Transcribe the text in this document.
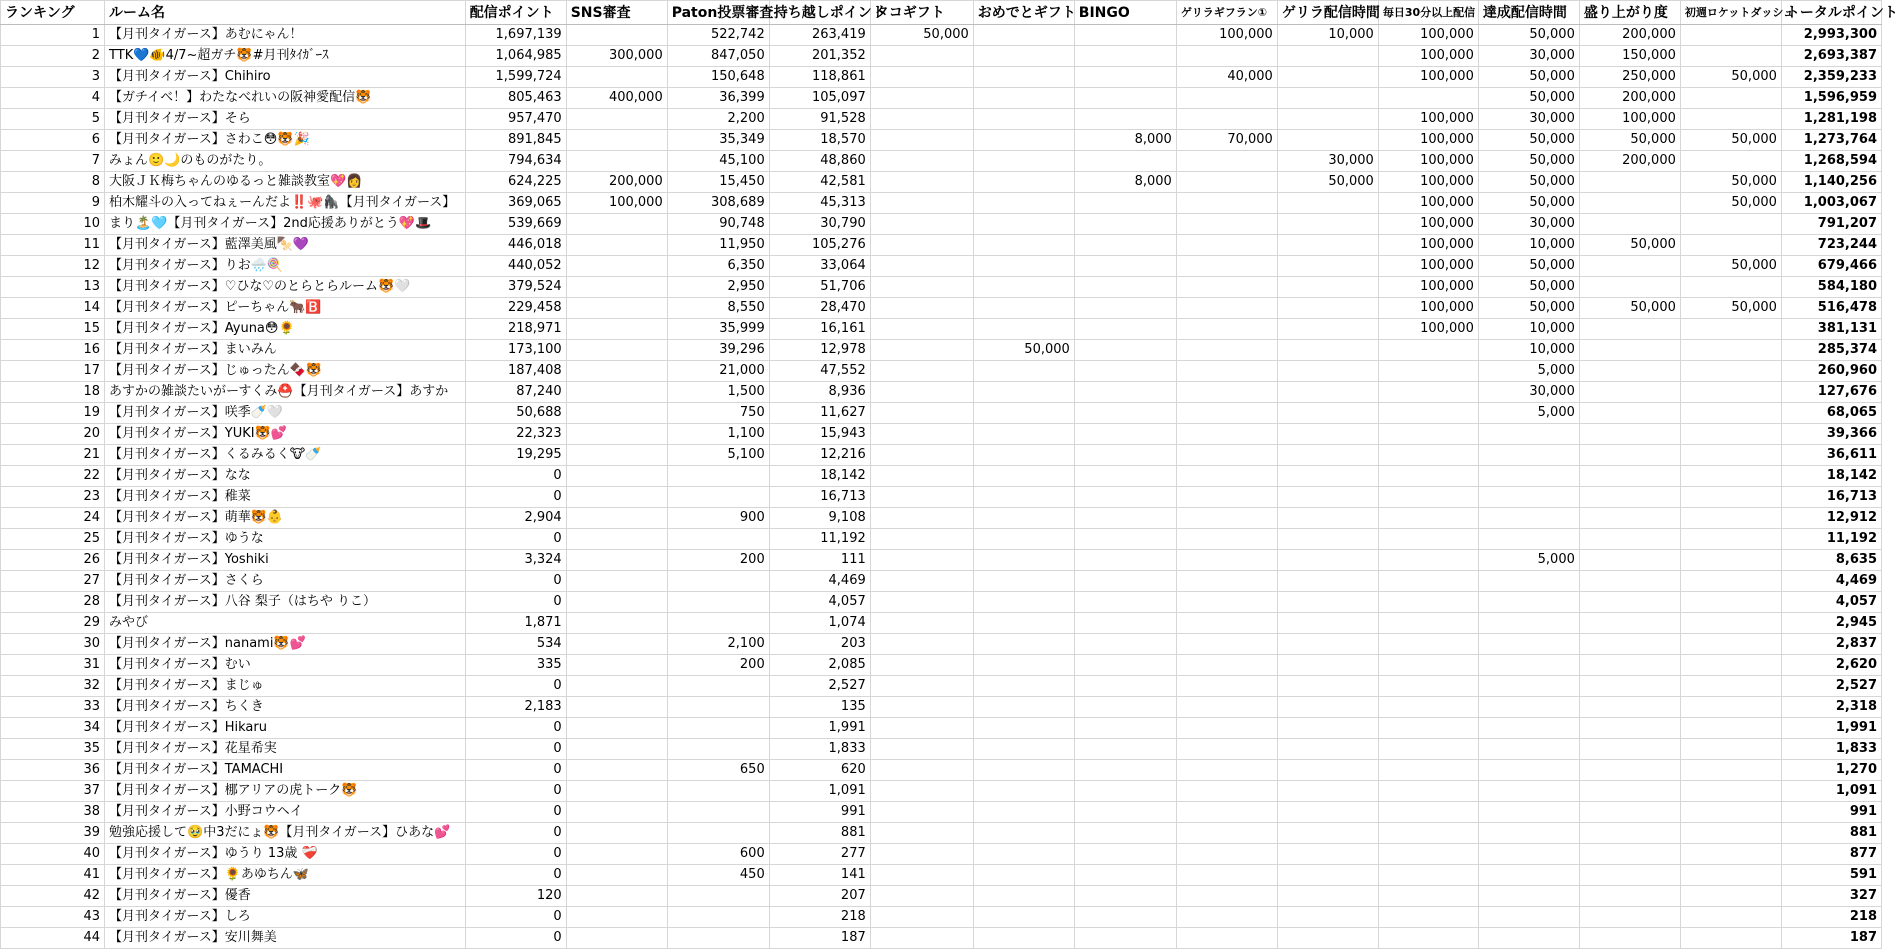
ランキング	ルーム名	配信ポイント	SNS審査	Paton投票審査	持ち越しポイント	タコギフト	おめでとギフト	BINGO	ゲリラギフラン①	ゲリラ配信時間	毎日30分以上配信	達成配信時間	盛り上がり度	初週ロケットダッシュ	トータルポイント
1	【月刊タイガース】あむにゃん！	1,697,139		522,742	263,419	50,000			100,000	10,000	100,000	50,000	200,000		2,993,300
2	TTK💙🐠4/7~超ガチ🐯#月刊ﾀｲｶﾞｰｽ	1,064,985	300,000	847,050	201,352						100,000	30,000	150,000		2,693,387
3	【月刊タイガース】Chihiro	1,599,724		150,648	118,861				40,000		100,000	50,000	250,000	50,000	2,359,233
4	【ガチイベ！】わたなべれいの阪神愛配信🐯	805,463	400,000	36,399	105,097							50,000	200,000		1,596,959
5	【月刊タイガース】そら	957,470		2,200	91,528						100,000	30,000	100,000		1,281,198
6	【月刊タイガース】さわこ😳🐯🎉	891,845		35,349	18,570			8,000	70,000		100,000	50,000	50,000	50,000	1,273,764
7	みょん🙂🌙のものがたり。	794,634		45,100	48,860					30,000	100,000	50,000	200,000		1,268,594
8	大阪ＪＫ梅ちゃんのゆるっと雑談教室💖👩	624,225	200,000	15,450	42,581			8,000		50,000	100,000	50,000		50,000	1,140,256
9	柏木耀斗の入ってねぇーんだよ‼️🐙🦍【月刊タイガース】	369,065	100,000	308,689	45,313						100,000	50,000		50,000	1,003,067
10	まり🏝️🩵【月刊タイガース】2nd応援ありがとう💖🎩	539,669		90,748	30,790						100,000	30,000			791,207
11	【月刊タイガース】藍澤美風🍢💜	446,018		11,950	105,276						100,000	10,000	50,000		723,244
12	【月刊タイガース】りお🌧️🍭	440,052		6,350	33,064						100,000	50,000		50,000	679,466
13	【月刊タイガース】♡ひな♡のとらとらルーム🐯🤍	379,524		2,950	51,706						100,000	50,000			584,180
14	【月刊タイガース】ピーちゃん🐂🅱️	229,458		8,550	28,470						100,000	50,000	50,000	50,000	516,478
15	【月刊タイガース】Ayuna😳🌻	218,971		35,999	16,161						100,000	10,000			381,131
16	【月刊タイガース】まいみん	173,100		39,296	12,978		50,000					10,000			285,374
17	【月刊タイガース】じゅったん🍫🐯	187,408		21,000	47,552							5,000			260,960
18	あすかの雑談たいがーすくみ⛑️【月刊タイガース】あすか	87,240		1,500	8,936							30,000			127,676
19	【月刊タイガース】咲季🍼🤍	50,688		750	11,627							5,000			68,065
20	【月刊タイガース】YUKI🐯💕	22,323		1,100	15,943										39,366
21	【月刊タイガース】くるみるく🐮🍼	19,295		5,100	12,216										36,611
22	【月刊タイガース】なな	0			18,142										18,142
23	【月刊タイガース】稚菜	0			16,713										16,713
24	【月刊タイガース】萌華🐯👶	2,904		900	9,108										12,912
25	【月刊タイガース】ゆうな	0			11,192										11,192
26	【月刊タイガース】Yoshiki	3,324		200	111							5,000			8,635
27	【月刊タイガース】さくら	0			4,469										4,469
28	【月刊タイガース】八谷 梨子（はちや りこ）	0			4,057										4,057
29	みやび	1,871			1,074										2,945
30	【月刊タイガース】nanami🐯💕	534		2,100	203										2,837
31	【月刊タイガース】むい	335		200	2,085										2,620
32	【月刊タイガース】まじゅ	0			2,527										2,527
33	【月刊タイガース】ちくき	2,183			135										2,318
34	【月刊タイガース】Hikaru	0			1,991										1,991
35	【月刊タイガース】花星希実	0			1,833										1,833
36	【月刊タイガース】TAMACHI	0		650	620										1,270
37	【月刊タイガース】梛アリアの虎トーク🐯	0			1,091										1,091
38	【月刊タイガース】小野コウヘイ	0			991										991
39	勉強応援して🥹中3だにょ🐯【月刊タイガース】ひあな💕	0			881										881
40	【月刊タイガース】ゆうり 13歳 ❤️‍🩹	0		600	277										877
41	【月刊タイガース】🌻あゆちん🦋	0		450	141										591
42	【月刊タイガース】優香	120			207										327
43	【月刊タイガース】しろ	0			218										218
44	【月刊タイガース】安川舞美	0			187										187
